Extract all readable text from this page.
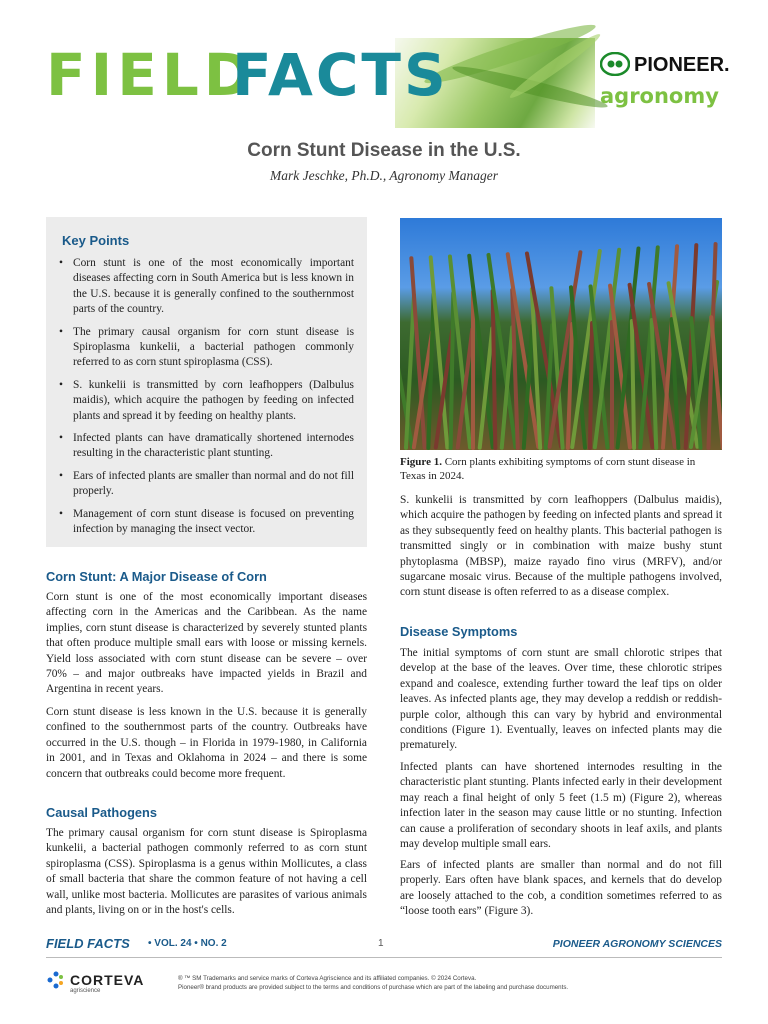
FIELD
FACTS	PIONEER.
agronomy
Corn Stunt Disease in the U.S.
Mark Jeschke, Ph.D., Agronomy Manager
Key Points
• Corn stunt is one of the most economically important diseases affecting corn in South America but is less known in the U.S. because it is generally confined to the southernmost parts of the country.
• The primary causal organism for corn stunt disease is Spiroplasma kunkelii, a bacterial pathogen commonly referred to as corn stunt spiroplasma (CSS).
• S. kunkelii is transmitted by corn leafhoppers (Dalbulus maidis), which acquire the pathogen by feeding on infected plants and spread it by feeding on healthy plants.
• Infected plants can have dramatically shortened internodes resulting in the characteristic plant stunting.
• Ears of infected plants are smaller than normal and do not fill properly.
• Management of corn stunt disease is focused on preventing infection by managing the insect vector.
Corn Stunt: A Major Disease of Corn

Corn stunt is one of the most economically important diseases affecting corn in the Americas and the Caribbean. As the name implies, corn stunt disease is characterized by severely stunted plants that often produce multiple small ears with loose or missing kernels. Yield loss associated with corn stunt disease can be severe – over 70% – and major outbreaks have impacted yields in Brazil and Argentina in recent years.

Corn stunt disease is less known in the U.S. because it is generally confined to the southernmost parts of the country. Outbreaks have occurred in the U.S. though – in Florida in 1979-1980, in California in 2001, and in Texas and Oklahoma in 2024 – and there is some concern that outbreaks could become more frequent.

Causal Pathogens

The primary causal organism for corn stunt disease is Spiroplasma kunkelii, a bacterial pathogen commonly referred to as corn stunt spiroplasma (CSS). Spiroplasma is a genus within Mollicutes, a class of small bacteria that share the common feature of not having a cell wall, unlike most bacteria. Mollicutes are parasites of various animals and plants, living on or in the host's cells.

Figure 1. Corn plants exhibiting symptoms of corn stunt disease in Texas in 2024.

S. kunkelii is transmitted by corn leafhoppers (Dalbulus maidis), which acquire the pathogen by feeding on infected plants and spread it as they subsequently feed on healthy plants. This bacterial pathogen is transmitted singly or in combination with maize bushy stunt phytoplasma (MBSP), maize rayado fino virus (MRFV), and/or sugarcane mosaic virus. Because of the multiple pathogens involved, corn stunt disease is often referred to as a disease complex.

Disease Symptoms

The initial symptoms of corn stunt are small chlorotic stripes that develop at the base of the leaves. Over time, these chlorotic stripes expand and coalesce, extending further toward the leaf tips on older leaves. As infected plants age, they may develop a reddish or reddish-purple color, although this can vary by hybrid and environmental conditions (Figure 1). Eventually, leaves on infected plants may die prematurely.

Infected plants can have shortened internodes resulting in the characteristic plant stunting. Plants infected early in their development may reach a final height of only 5 feet (1.5 m) (Figure 2), whereas infection later in the season may cause little or no stunting. Infection can cause a proliferation of secondary shoots in leaf axils, and plants may develop multiple small ears.

Ears of infected plants are smaller than normal and do not fill properly. Ears often have blank spaces, and kernels that do develop are loosely attached to the cob, a condition sometimes referred to as “loose tooth ears” (Figure 3).

FIELD FACTS • VOL. 24 • NO. 2	1	PIONEER AGRONOMY SCIENCES
CORTEVA
agriscience
® ™ SM Trademarks and service marks of Corteva Agriscience and its affiliated companies. © 2024 Corteva.
Pioneer® brand products are provided subject to the terms and conditions of purchase which are part of the labeling and purchase documents.
